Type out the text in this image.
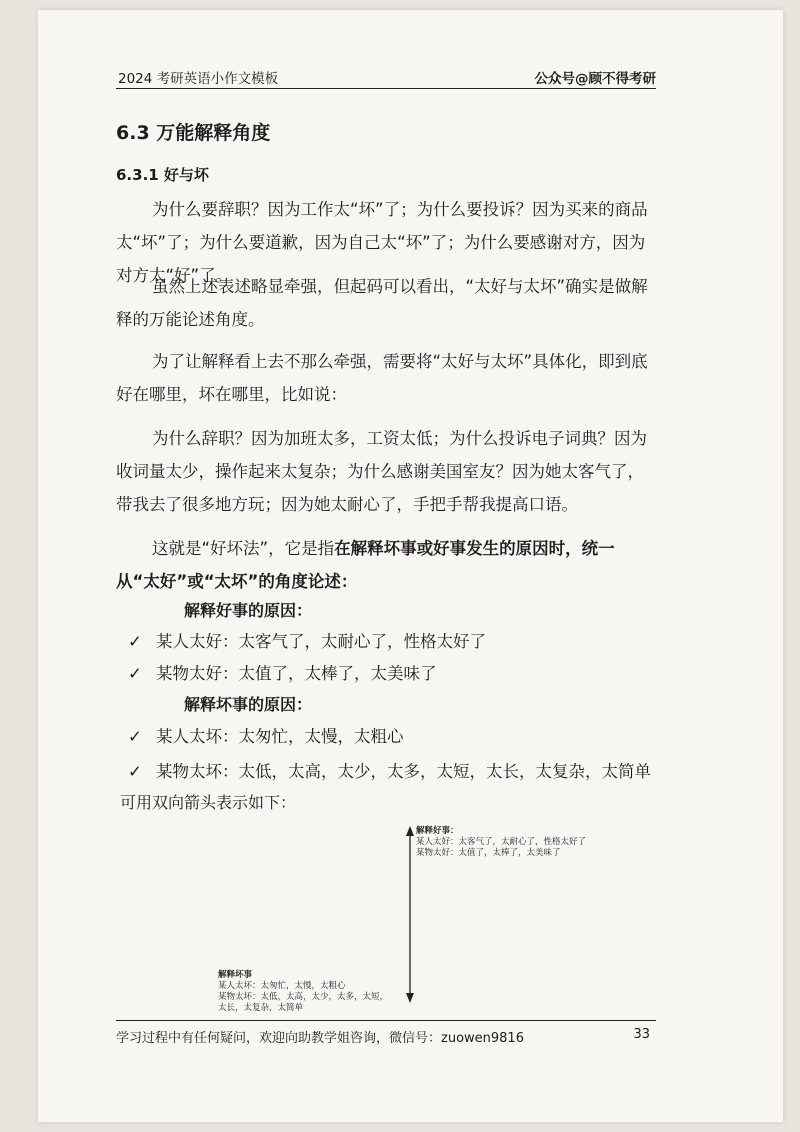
2024 考研英语小作文模板	公众号@顾不得考研
6.3 万能解释角度
6.3.1 好与坏

为什么要辞职？因为工作太“坏”了；为什么要投诉？因为买来的商品太“坏”了；为什么要道歉，因为自己太“坏”了；为什么要感谢对方，因为对方太“好”了。

虽然上述表述略显牵强，但起码可以看出，“太好与太坏”确实是做解释的万能论述角度。

为了让解释看上去不那么牵强，需要将“太好与太坏”具体化，即到底好在哪里，坏在哪里，比如说：

为什么辞职？因为加班太多，工资太低；为什么投诉电子词典？因为收词量太少，操作起来太复杂；为什么感谢美国室友？因为她太客气了，带我去了很多地方玩；因为她太耐心了，手把手帮我提高口语。

这就是“好坏法”，它是指在解释坏事或好事发生的原因时，统一从“太好”或“太坏”的角度论述：

解释好事的原因：
✓ 某人太好：太客气了，太耐心了，性格太好了
✓ 某物太好：太值了，太棒了，太美味了
解释坏事的原因：
✓ 某人太坏：太匆忙，太慢，太粗心
✓ 某物太坏：太低，太高，太少，太多，太短，太长，太复杂，太简单
可用双向箭头表示如下：
解释好事：
某人太好：太客气了，太耐心了，性格太好了
某物太好：太值了，太棒了，太美味了
解释坏事
某人太坏：太匆忙，太慢，太粗心
某物太坏：太低，太高，太少，太多，太短，
太长，太复杂，太简单
学习过程中有任何疑问，欢迎向助教学姐咨询，微信号：zuowen9816	33
